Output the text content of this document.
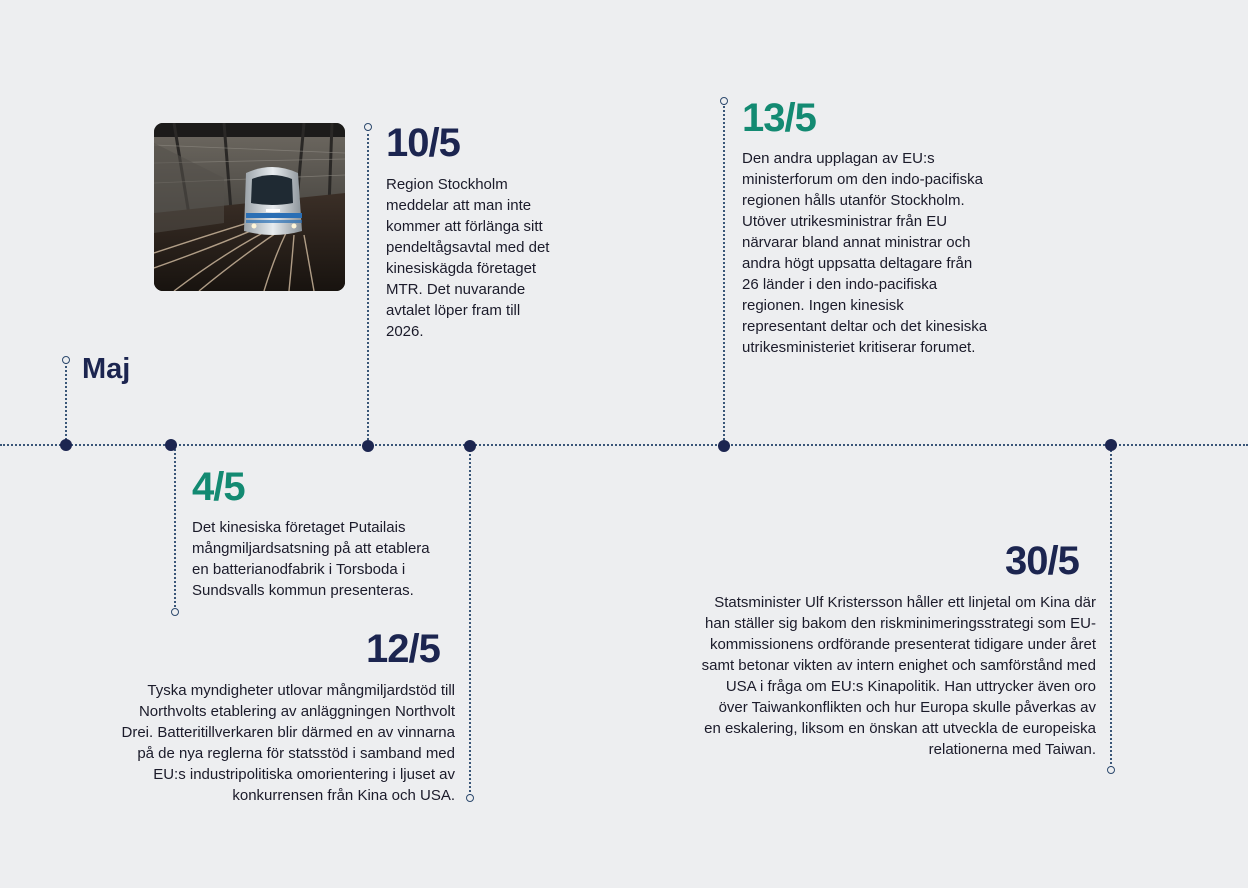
Maj
10/5
Region Stockholm meddelar att man inte kommer att förlänga sitt pendeltågsavtal med det kinesiskägda företaget MTR. Det nuvarande avtalet löper fram till 2026.
13/5
Den andra upplagan av EU:s ministerforum om den indo-pacifiska regionen hålls utanför Stockholm. Utöver utrikesministrar från EU närvarar bland annat ministrar och andra högt uppsatta deltagare från 26 länder i den indo-pacifiska regionen. Ingen kinesisk representant deltar och det kinesiska utrikesministeriet kritiserar forumet.
4/5
Det kinesiska företaget Putailais mångmiljardsatsning på att etablera en batterianodfabrik i Torsboda i Sundsvalls kommun presenteras.
12/5
Tyska myndigheter utlovar mångmiljardstöd till Northvolts etablering av anläggningen Northvolt Drei. Batteritillverkaren blir därmed en av vinnarna på de nya reglerna för statsstöd i samband med EU:s industripolitiska omorientering i ljuset av konkurrensen från Kina och USA.
30/5
Statsminister Ulf Kristersson håller ett linjetal om Kina där han ställer sig bakom den riskminimeringsstrategi som EU-kommissionens ordförande presenterat tidigare under året samt betonar vikten av intern enighet och samförstånd med USA i fråga om EU:s Kinapolitik. Han uttrycker även oro över Taiwankonflikten och hur Europa skulle påverkas av en eskalering, liksom en önskan att utveckla de europeiska relationerna med Taiwan.
